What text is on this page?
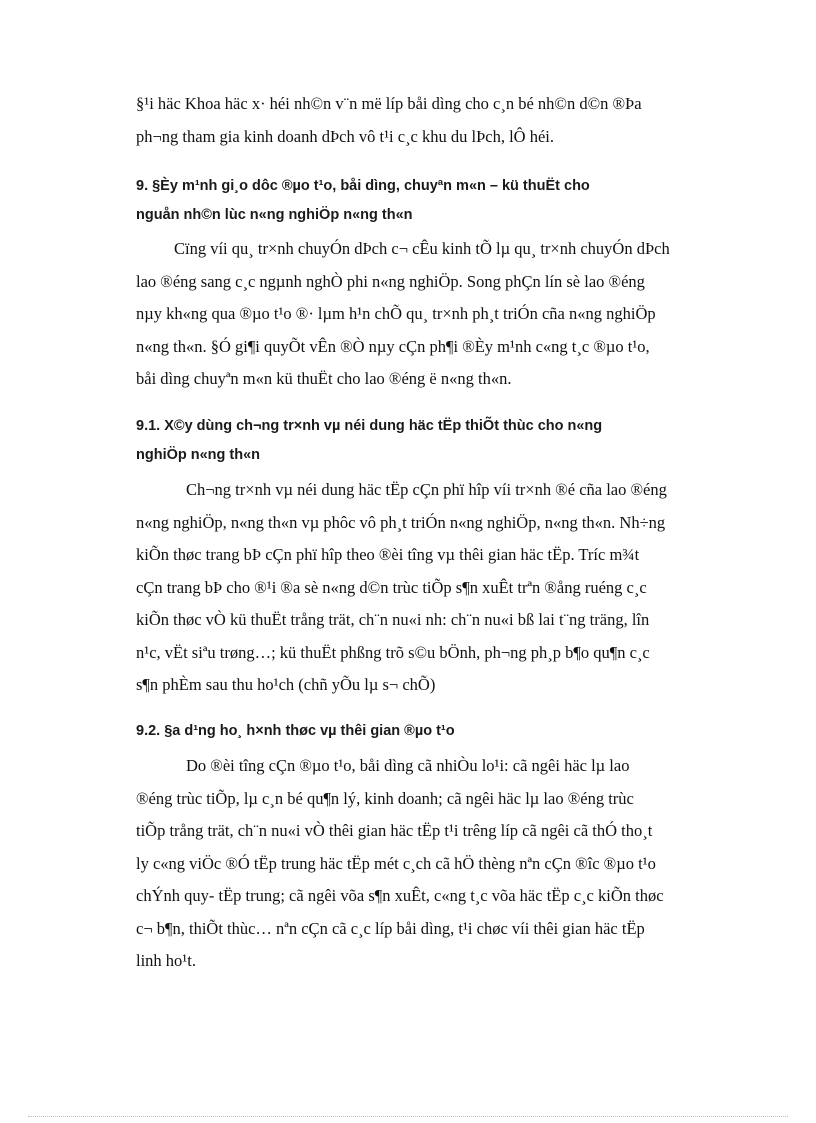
§¹i häc Khoa häc x· héi nh©n v¨n më líp båi dìng cho c¸n bé nh©n d©n ®Þa
ph¬ng tham gia kinh doanh dÞch vô t¹i c¸c khu du lÞch, lÔ héi.

9. §Èy m¹nh gi¸o dôc ®µo t¹o, båi dìng, chuyªn m«n – kü thuËt cho
nguån nh©n lùc n«ng nghiÖp n«ng th«n

Cïng víi qu¸ tr×nh chuyÓn dÞch c¬ cÊu kinh tÕ lµ qu¸ tr×nh chuyÓn dÞch
lao ®éng sang c¸c ngµnh nghÒ phi n«ng nghiÖp. Song phÇn lín sè lao ®éng
nµy kh«ng qua ®µo t¹o ®· lµm h¹n chÕ qu¸ tr×nh ph¸t triÓn cña n«ng nghiÖp
n«ng th«n. §Ó gi¶i quyÕt vÊn ®Ò nµy cÇn ph¶i ®Èy m¹nh c«ng t¸c ®µo t¹o,
båi dìng chuyªn m«n kü thuËt cho lao ®éng ë n«ng th«n.

9.1. X©y dùng ch¬ng tr×nh vµ néi dung häc tËp thiÕt thùc cho n«ng
nghiÖp n«ng th«n

Ch¬ng tr×nh vµ néi dung häc tËp cÇn phï hîp víi tr×nh ®é cña lao ®éng
n«ng nghiÖp, n«ng th«n vµ phôc vô ph¸t triÓn n«ng nghiÖp, n«ng th«n. Nh÷ng
kiÕn thøc trang bÞ cÇn phï hîp theo ®èi tîng vµ thêi gian häc tËp. Tríc m¾t
cÇn trang bÞ cho ®¹i ®a sè n«ng d©n trùc tiÕp s¶n xuÊt trªn ®ång ruéng c¸c
kiÕn thøc vÒ kü thuËt trång trät, ch¨n nu«i nh: ch¨n nu«i bß lai t¨ng träng, lîn
n¹c, vËt siªu trøng…; kü thuËt phßng trõ s©u bÖnh, ph¬ng ph¸p b¶o qu¶n c¸c
s¶n phÈm sau thu ho¹ch (chñ yÕu lµ s¬ chÕ)

9.2. §a d¹ng ho¸ h×nh thøc vµ thêi gian ®µo t¹o

Do ®èi tîng cÇn ®µo t¹o, båi dìng cã nhiÒu lo¹i: cã ngêi häc lµ lao
®éng trùc tiÕp, lµ c¸n bé qu¶n lý, kinh doanh; cã ngêi häc lµ lao ®éng trùc
tiÕp trång trät, ch¨n nu«i vÒ thêi gian häc tËp t¹i trêng líp cã ngêi cã thÓ tho¸t
ly c«ng viÖc ®Ó tËp trung häc tËp mét c¸ch cã hÖ thèng nªn cÇn ®îc ®µo t¹o
chÝnh quy- tËp trung; cã ngêi võa s¶n xuÊt, c«ng t¸c võa häc tËp c¸c kiÕn thøc
c¬ b¶n, thiÕt thùc… nªn cÇn cã c¸c líp båi dìng, t¹i chøc víi thêi gian häc tËp
linh ho¹t.
